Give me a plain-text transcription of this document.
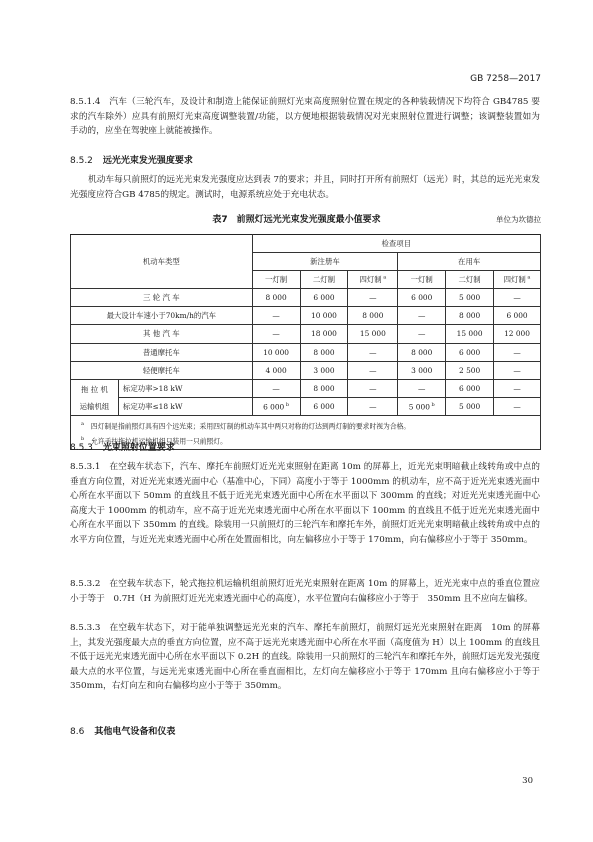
GB 7258—2017

8.5.1.4　 汽车（三轮汽车，及设计和制造上能保证前照灯光束高度照射位置在规定的各种装载情况下均符合 GB4785 要求的汽车除外）应具有前照灯光束高度调整装置/功能，以方便地根据装载情况对光束照射位置进行调整；该调整装置如为手动的，应坐在驾驶座上就能被操作。

8.5.2 远光光束发光强度要求

机动车每只前照灯的远光光束发光强度应达到表 7的要求；并且，同时打开所有前照灯（远光）时，其总的远光光束发光强度应符合GB 4785的规定。测试时，电源系统应处于充电状态。

表7　前照灯远光光束发光强度最小值要求	单位为坎德拉
机动车类型		检查项目					
		新注册车			在用车		
		一灯制	二灯制	四灯制 $^a$	一灯制	二灯制	四灯制 $^a$
三 轮 汽 车		8 000	6 000	—	6 000	5 000	—
最大设计车速小于70km/h的汽车		—	10 000	8 000	—	8 000	6 000
其 他 汽 车		—	18 000	15 000	—	15 000	12 000
普通摩托车		10 000	8 000	—	8 000	6 000	—
轻便摩托车		4 000	3 000	—	3 000	2 500	—

拖 拉 机
运输机组	标定功率>18 kW	—	8 000	—	—	6 000	—
	标定功率≤18 kW	6 000 $^b$	6 000	—	5 000 $^b$	5 000	—

$^a$　 四灯制是指前照灯具有四个远光束；采用四灯制的机动车其中两只对称的灯达到两灯制的要求时视为合格。
$^b$　 允许手扶拖拉机运输机组只装用一只前照灯。							
8.5.3 光束照射位置要求

8.5.3.1　 在空载车状态下，汽车、摩托车前照灯近光光束照射在距离 10m 的屏幕上，近光光束明暗截止线转角或中点的垂直方向位置，对近光光束透光面中心（基准中心，下同）高度小于等于 1000mm 的机动车，应不高于近光光束透光面中心所在水平面以下 50mm 的直线且不低于近光光束透光面中心所在水平面以下 300mm 的直线；对近光光束透光面中心高度大于 1000mm 的机动车，应不高于近光光束透光面中心所在水平面以下 100mm 的直线且不低于近光光束透光面中心所在水平面以下 350mm 的直线。除装用一只前照灯的三轮汽车和摩托车外，前照灯近光光束明暗截止线转角或中点的水平方向位置，与近光光束透光面中心所在处置面相比，向左偏移应小于等于 170mm，向右偏移应小于等于 350mm。

8.5.3.2　 在空载车状态下，轮式拖拉机运输机组前照灯近光光束照射在距离 10m 的屏幕上，近光光束中点的垂直位置应小于等于　0.7H（H 为前照灯近光光束透光面中心的高度），水平位置向右偏移应小于等于　350mm 且不应向左偏移。

8.5.3.3　 在空载车状态下，对于能单独调整远光光束的汽车、摩托车前照灯，前照灯远光光束照射在距离　10m 的屏幕上，其发光强度最大点的垂直方向位置，应不高于远光光束透光面中心所在水平面（高度值为 H）以上 100mm 的直线且不低于远光光束透光面中心所在水平面以下 0.2H 的直线。除装用一只前照灯的三轮汽车和摩托车外，前照灯远光发光强度最大点的水平位置，与远光光束透光面中心所在垂直面相比，左灯向左偏移应小于等于 170mm 且向右偏移应小于等于 350mm，右灯向左和向右偏移均应小于等于 350mm。

8.6 其他电气设备和仪表
30
